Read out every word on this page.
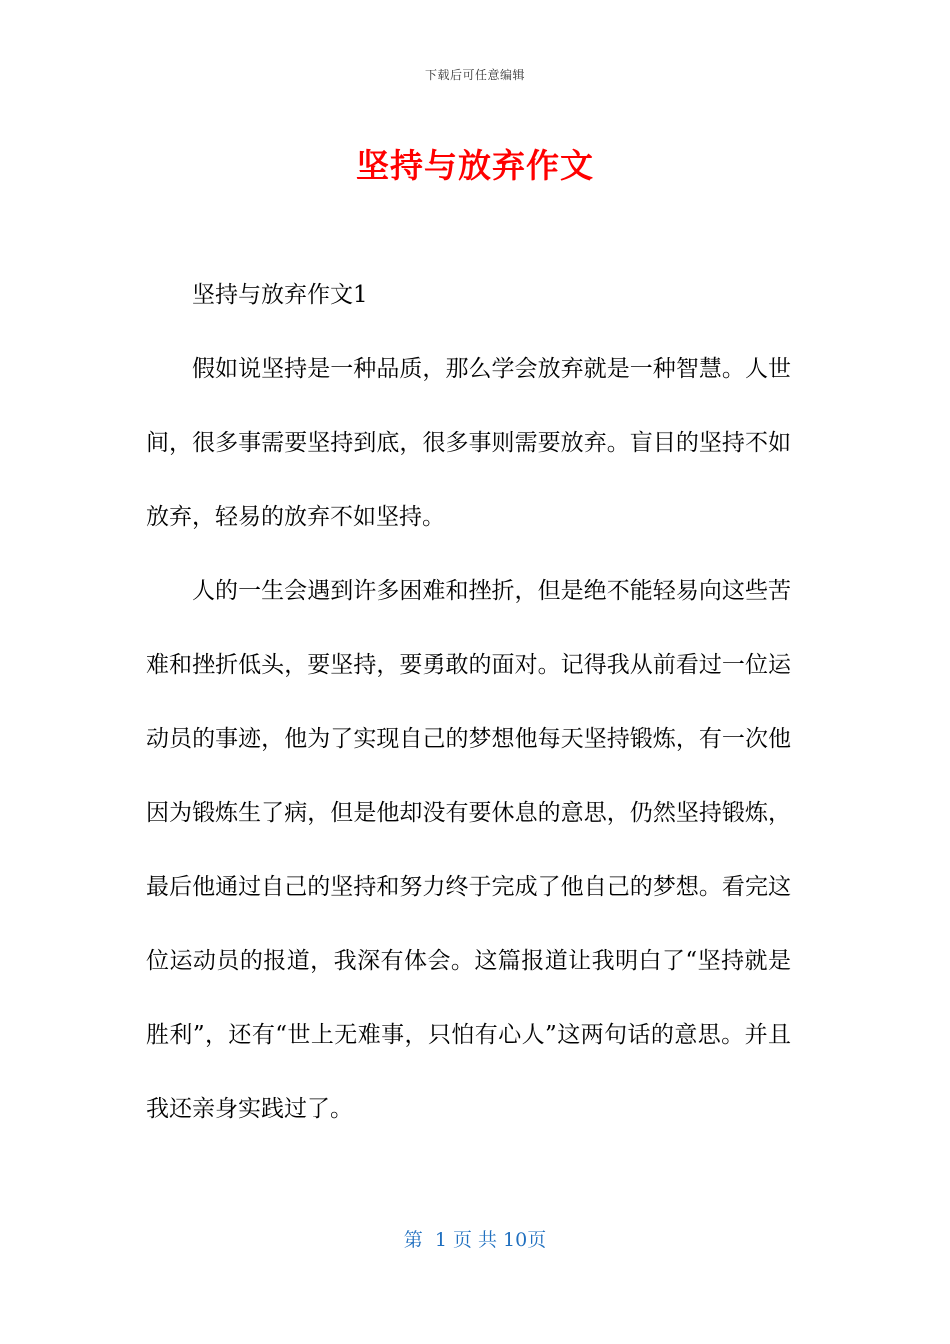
下载后可任意编辑
坚持与放弃作文

坚持与放弃作文1

假如说坚持是一种品质，那么学会放弃就是一种智慧。人世间，很多事需要坚持到底，很多事则需要放弃。盲目的坚持不如放弃，轻易的放弃不如坚持。

人的一生会遇到许多困难和挫折，但是绝不能轻易向这些苦难和挫折低头，要坚持，要勇敢的面对。记得我从前看过一位运动员的事迹，他为了实现自己的梦想他每天坚持锻炼，有一次他因为锻炼生了病，但是他却没有要休息的意思，仍然坚持锻炼，最后他通过自己的坚持和努力终于完成了他自己的梦想。看完这位运动员的报道，我深有体会。这篇报道让我明白了“坚持就是胜利”，还有“世上无难事，只怕有心人”这两句话的意思。并且我还亲身实践过了。

第  1 页 共 10页
